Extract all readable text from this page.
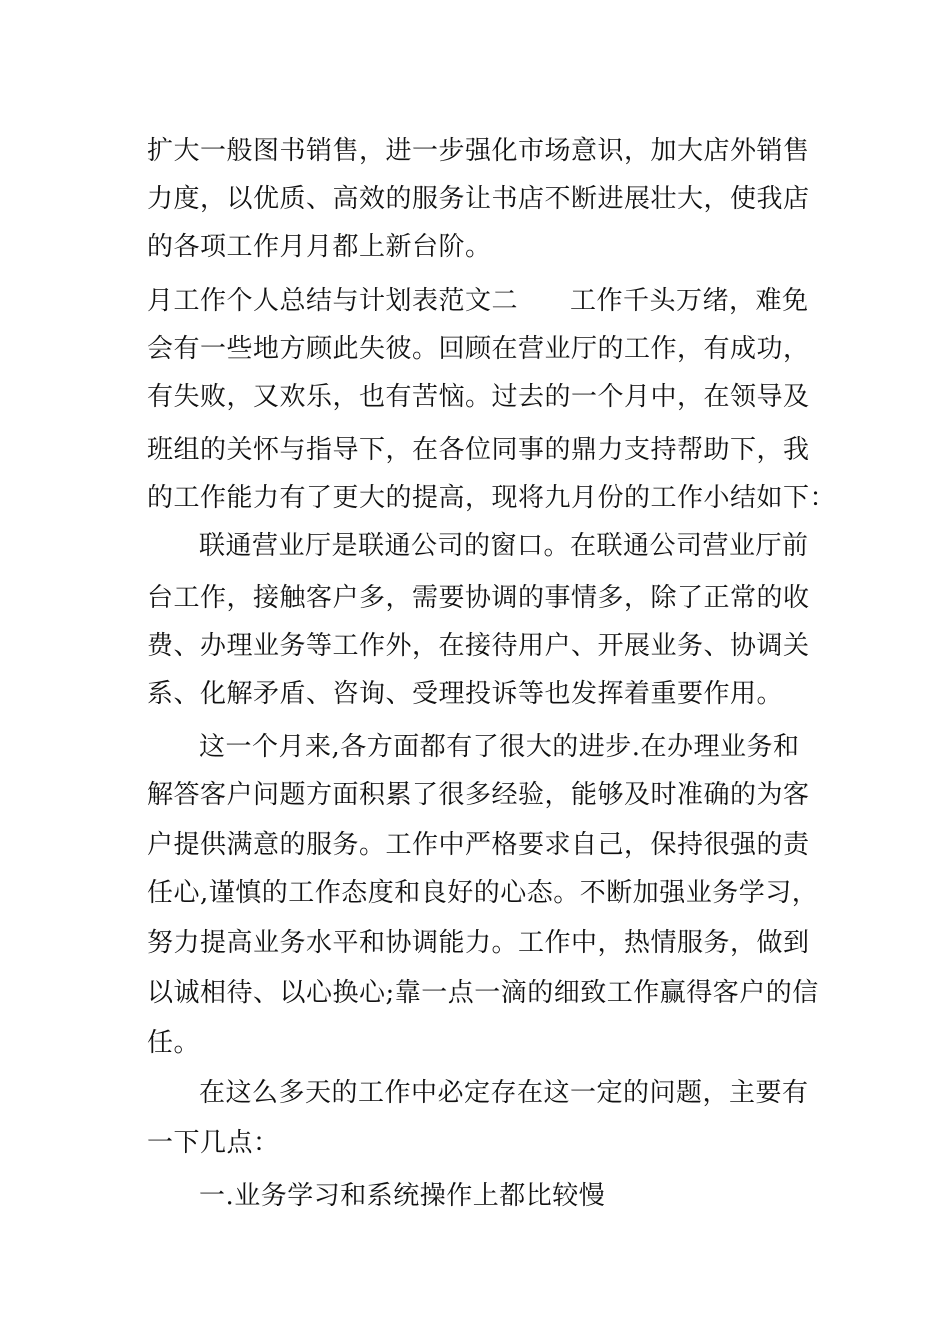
扩大一般图书销售，进一步强化市场意识，加大店外销售
力度，以优质、高效的服务让书店不断进展壮大，使我店
的各项工作月月都上新台阶。
月工作个人总结与计划表范文二 工作千头万绪，难免
会有一些地方顾此失彼。回顾在营业厅的工作，有成功，
有失败，又欢乐，也有苦恼。过去的一个月中，在领导及
班组的关怀与指导下，在各位同事的鼎力支持帮助下，我
的工作能力有了更大的提高，现将九月份的工作小结如下：
联通营业厅是联通公司的窗口。在联通公司营业厅前
台工作，接触客户多，需要协调的事情多，除了正常的收
费、办理业务等工作外，在接待用户、开展业务、协调关
系、化解矛盾、咨询、受理投诉等也发挥着重要作用。
这一个月来,各方面都有了很大的进步.在办理业务和
解答客户问题方面积累了很多经验，能够及时准确的为客
户提供满意的服务。工作中严格要求自己，保持很强的责
任心,谨慎的工作态度和良好的心态。不断加强业务学习，
努力提高业务水平和协调能力。工作中，热情服务，做到
以诚相待、以心换心;靠一点一滴的细致工作赢得客户的信
任。
在这么多天的工作中必定存在这一定的问题，主要有
一下几点：
一.业务学习和系统操作上都比较慢
